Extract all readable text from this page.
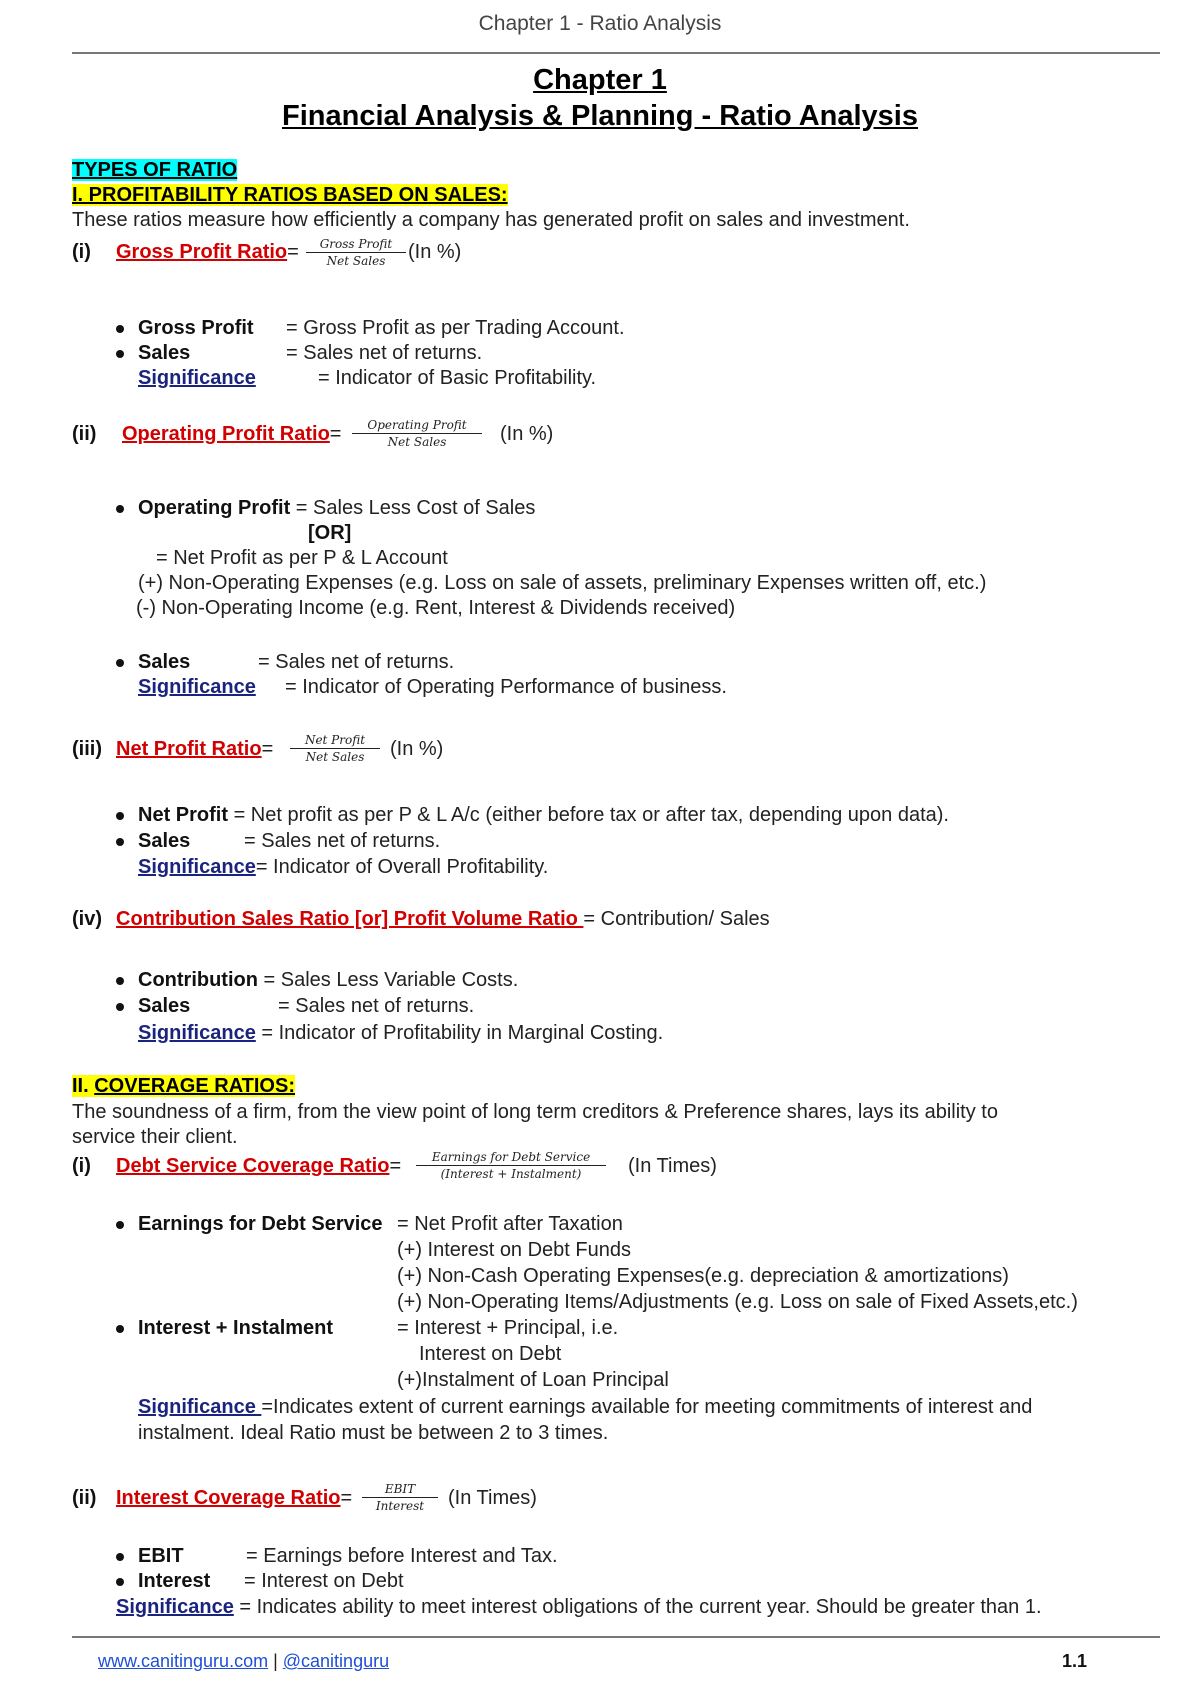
Chapter 1 - Ratio Analysis
Chapter 1
Financial Analysis & Planning - Ratio Analysis
TYPES OF RATIO
I. PROFITABILITY RATIOS BASED ON SALES:
These ratios measure how efficiently a company has generated profit on sales and investment.
(i) Gross Profit Ratio=	Gross Profit
Net Sales	(In %)
Gross Profit = Gross Profit as per Trading Account.
Sales	= Sales net of returns.
Significance	= Indicator of Basic Profitability.
(ii) Operating Profit Ratio=	Operating Profit
Net Sales	(In %)
Operating Profit = Sales Less Cost of Sales
[OR]
= Net Profit as per P & L Account
(+) Non-Operating Expenses (e.g. Loss on sale of assets, preliminary Expenses written off, etc.)
(-) Non-Operating Income (e.g. Rent, Interest & Dividends received)
Sales	= Sales net of returns.
Significance = Indicator of Operating Performance of business.
(iii) Net Profit Ratio=	Net Profit
Net Sales	(In %)
Net Profit = Net profit as per P & L A/c (either before tax or after tax, depending upon data).
Sales	= Sales net of returns.
Significance= Indicator of Overall Profitability.
(iv) Contribution Sales Ratio [or] Profit Volume Ratio = Contribution/ Sales
Contribution = Sales Less Variable Costs.
Sales	= Sales net of returns.
Significance = Indicator of Profitability in Marginal Costing.
II. COVERAGE RATIOS:
The soundness of a firm, from the view point of long term creditors & Preference shares, lays its ability to
service their client.
(i) Debt Service Coverage Ratio=	Earnings for Debt Service
(Interest + Instalment)	(In Times)
Earnings for Debt Service = Net Profit after Taxation
(+) Interest on Debt Funds
(+) Non-Cash Operating Expenses(e.g. depreciation & amortizations)
(+) Non-Operating Items/Adjustments (e.g. Loss on sale of Fixed Assets,etc.)
Interest + Instalment	= Interest + Principal, i.e.
Interest on Debt
(+)Instalment of Loan Principal
Significance =Indicates extent of current earnings available for meeting commitments of interest and
instalment. Ideal Ratio must be between 2 to 3 times.
(ii) Interest Coverage Ratio=	EBIT
Interest	(In Times)
EBIT	= Earnings before Interest and Tax.
Interest = Interest on Debt
Significance = Indicates ability to meet interest obligations of the current year. Should be greater than 1.
www.canitinguru.com | @canitinguru	1.1
